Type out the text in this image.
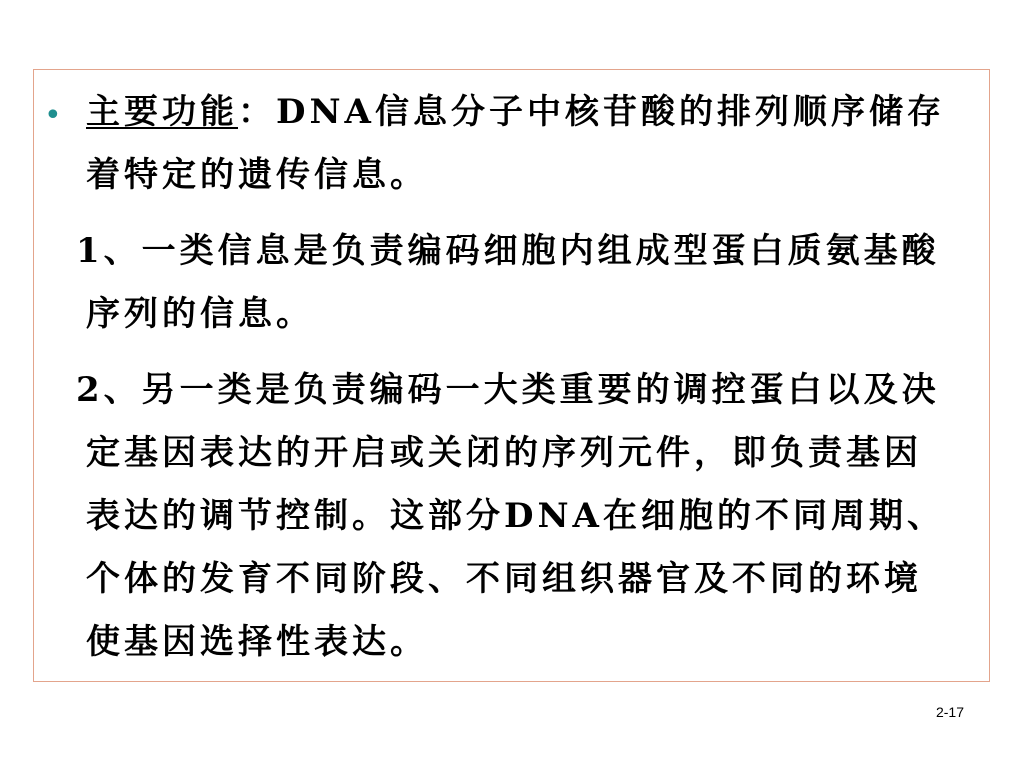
• 主要功能：DNA信息分子中核苷酸的排列顺序储存
着特定的遗传信息。
1、一类信息是负责编码细胞内组成型蛋白质氨基酸
序列的信息。
2、另一类是负责编码一大类重要的调控蛋白以及决
定基因表达的开启或关闭的序列元件，即负责基因
表达的调节控制。这部分DNA在细胞的不同周期、
个体的发育不同阶段、不同组织器官及不同的环境
使基因选择性表达。
2-17
